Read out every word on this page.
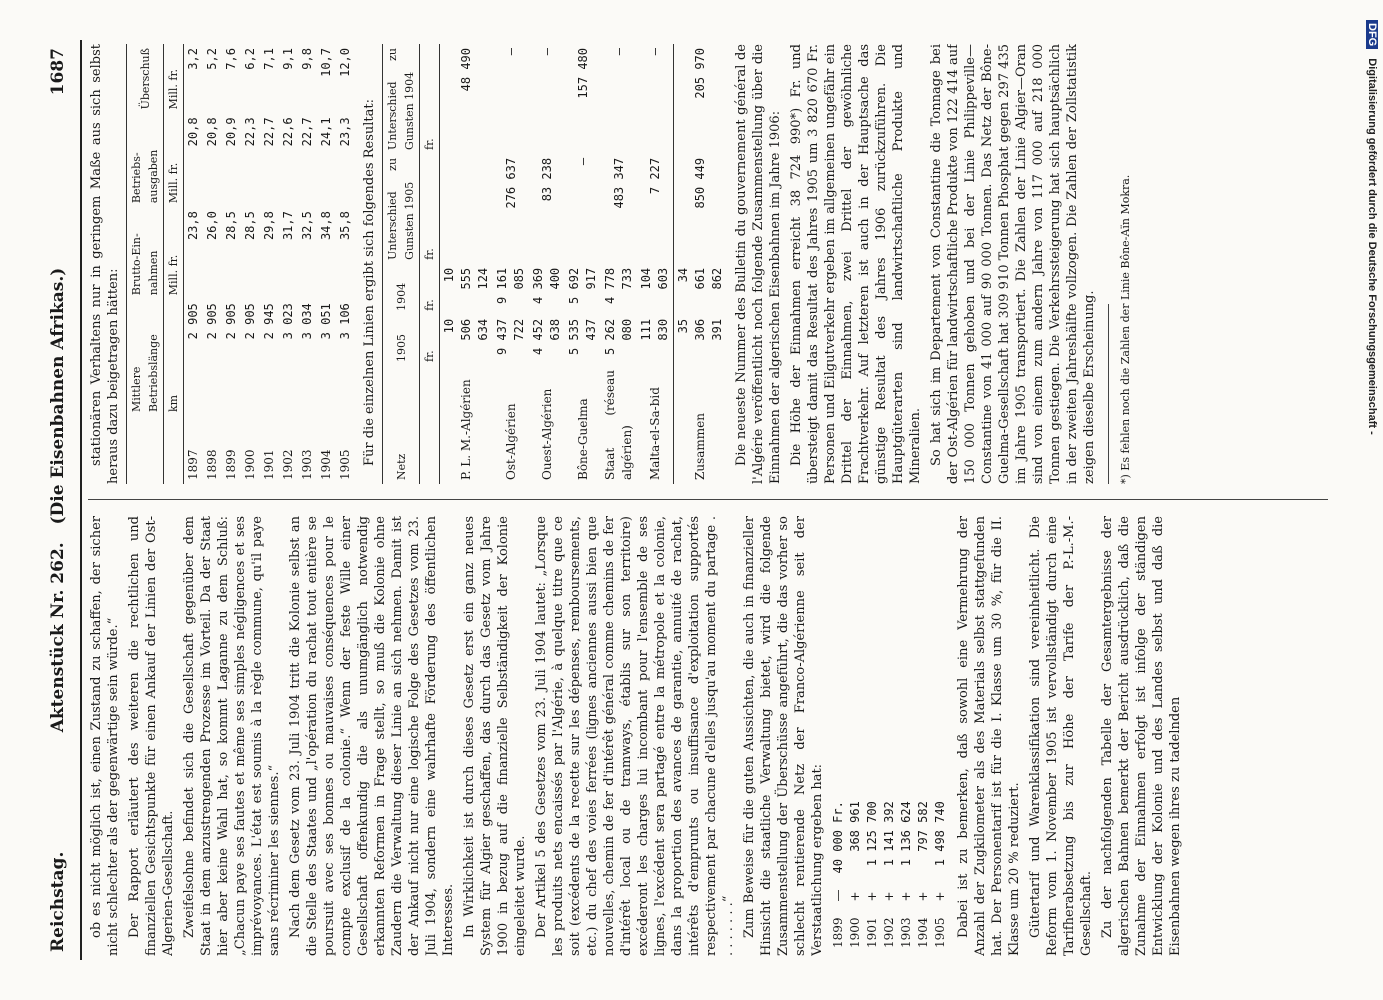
Reichstag.
Aktenstück Nr. 262.   (Die Eisenbahnen Afrikas.)
1687

ob es nicht möglich ist, einen Zustand zu schaffen, der sicher nicht schlechter als der gegenwärtige sein würde.“ Der Rapport erläutert des weiteren die rechtlichen und finanziellen Gesichtspunkte für einen Ankauf der Linien der Ost-Algerien-Gesellschaft. Zweifelsohne befindet sich die Gesellschaft gegenüber dem Staat in dem anzustrengenden Prozesse im Vorteil. Da der Staat hier aber keine Wahl hat, so kommt Laganne zu dem Schluß: „Chacun paye ses fautes et même ses simples négligences et ses imprévoyances. L'état est soumis à la règle commune, qu'il paye sans récriminer les siennes.“ Nach dem Gesetz vom 23. Juli 1904 tritt die Kolonie selbst an die Stelle des Staates und „l'opération du rachat tout entière se poursuit avec ses bonnes ou mauvaises conséquences pour le compte exclusif de la colonie.“ Wenn der feste Wille einer Gesellschaft offenkundig die als unumgänglich notwendig erkannten Reformen in Frage stellt, so muß die Kolonie ohne Zaudern die Verwaltung dieser Linie an sich nehmen. Damit ist der Ankauf nicht nur eine logische Folge des Gesetzes vom 23. Juli 1904, sondern eine wahrhafte Förderung des öffentlichen Interesses. In Wirklichkeit ist durch dieses Gesetz erst ein ganz neues System für Algier geschaffen, das durch das Gesetz vom Jahre 1900 in bezug auf die finanzielle Selbständigkeit der Kolonie eingeleitet wurde. Der Artikel 5 des Gesetzes vom 23. Juli 1904 lautet: „Lorsque les produits nets encaissés par l'Algérie, à quelque titre que ce soit (excédents de la recette sur les dépenses, remboursements, etc.) du chef des voies ferrées (lignes anciennes aussi bien que nouvelles, chemin de fer d'intérêt général comme chemins de fer d'intérêt local ou de tramways, établis sur son territoire) excéderont les charges lui incombant pour l'ensemble de ses lignes, l'excédent sera partagé entre la métropole et la colonie, dans la proportion des avances de garantie, annuité de rachat, intérêts d'emprunts ou insuffisance d'exploitation supportés respectivement par chacune d'elles jusqu'au moment du partage . . . . . . . .“ Zum Beweise für die guten Aussichten, die auch in finanzieller Hinsicht die staatliche Verwaltung bietet, wird die folgende Zusammenstellung der Überschüsse angeführt, die das vorher so schlecht rentierende Netz der Franco-Algérienne seit der Verstaatlichung ergeben hat: 1899	—	40 000 Fr.
1900	+	368 961
1901	+	1 125 700
1902	+	1 141 392
1903	+	1 136 624
1904	+	797 582
1905	+	1 498 740 Dabei ist zu bemerken, daß sowohl eine Vermehrung der Anzahl der Zugkilometer als des Materials selbst stattgefunden hat. Der Personentarif ist für die I. Klasse um 30 %, für die II. Klasse um 20 % reduziert. Gütertarif und Warenklassifikation sind vereinheitlicht. Die Reform vom 1. November 1905 ist vervollständigt durch eine Tarifherabsetzung bis zur Höhe der Tarife der P.-L.-M.-Gesellschaft. Zu der nachfolgenden Tabelle der Gesamtergebnisse der algerischen Bahnen bemerkt der Bericht ausdrücklich, daß die Zunahme der Einnahmen erfolgt ist infolge der ständigen Entwicklung der Kolonie und des Landes selbst und daß die Eisenbahnen wegen ihres zu tadelnden

stationären Verhaltens nur in geringem Maße aus sich selbst heraus dazu beigetragen hätten:

	Mittlere Betriebslänge	Brutto-Ein-nahmen	Betriebs-ausgaben	Überschuß
	km	Mill. fr.	Mill. fr.	Mill. fr.
1897	2 905	23,8	20,8	3,2
1898	2 905	26,0	20,8	5,2
1899	2 905	28,5	20,9	7,6
1900	2 905	28,5	22,3	6,2
1901	2 945	29,8	22,7	7,1
1902	3 023	31,7	22,6	9,1
1903	3 034	32,5	22,7	9,8
1904	3 051	34,8	24,1	10,7
1905	3 106	35,8	23,3	12,0

Für die einzelnen Linien ergibt sich folgendes Resultat:

Netz	1905	1904	Unterschied zu Gunsten 1905	Unterschied zu Gunsten 1904
	fr.	fr.	fr.	fr.
P. L. M.-Algérien	10 506 634	10 555 124		48 490
Ost-Algérien	9 437 722	9 161 085	276 637	—
Ouest-Algérien	4 452 638	4 369 400	83 238	—
Bône-Guelma	5 535 437	5 692 917	—	157 480
Staat (réseau algérien)	5 262 080	4 778 733	483 347	—
Malta-el-Sa-bid	111 830	104 603	7 227	—
Zusammen	35 306 391	34 661 862	850 449	205 970 Die neueste Nummer des Bulletin du gouvernement général de l'Algérie veröffentlicht noch folgende Zusammenstellung über die Einnahmen der algerischen Eisenbahnen im Jahre 1906: Die Höhe der Einnahmen erreicht 38 724 990*) Fr. und übersteigt damit das Resultat des Jahres 1905 um 3 820 670 Fr. Personen und Eilgutverkehr ergeben im allgemeinen ungefähr ein Drittel der Einnahmen, zwei Drittel der gewöhnliche Frachtverkehr. Auf letzteren ist auch in der Hauptsache das günstige Resultat des Jahres 1906 zurückzuführen. Die Hauptgüterarten sind landwirtschaftliche Produkte und Mineralien. So hat sich im Departement von Constantine die Tonnage bei der Ost-Algérien für landwirtschaftliche Produkte von 122 414 auf 150 000 Tonnen gehoben und bei der Linie Philippeville—Constantine von 41 000 auf 90 000 Tonnen. Das Netz der Bône-Guelma-Gesellschaft hat 309 910 Tonnen Phosphat gegen 297 435 im Jahre 1905 transportiert. Die Zahlen der Linie Algier—Oran sind von einem zum andern Jahre von 117 000 auf 218 000 Tonnen gestiegen. Die Verkehrssteigerung hat sich hauptsächlich in der zweiten Jahreshälfte vollzogen. Die Zahlen der Zollstatistik zeigen dieselbe Erscheinung. *) Es fehlen noch die Zahlen der Linie Bône-Aïn Mokra.
DFG Digitalisierung gefördert durch die Deutsche Forschungsgemeinschaft -
